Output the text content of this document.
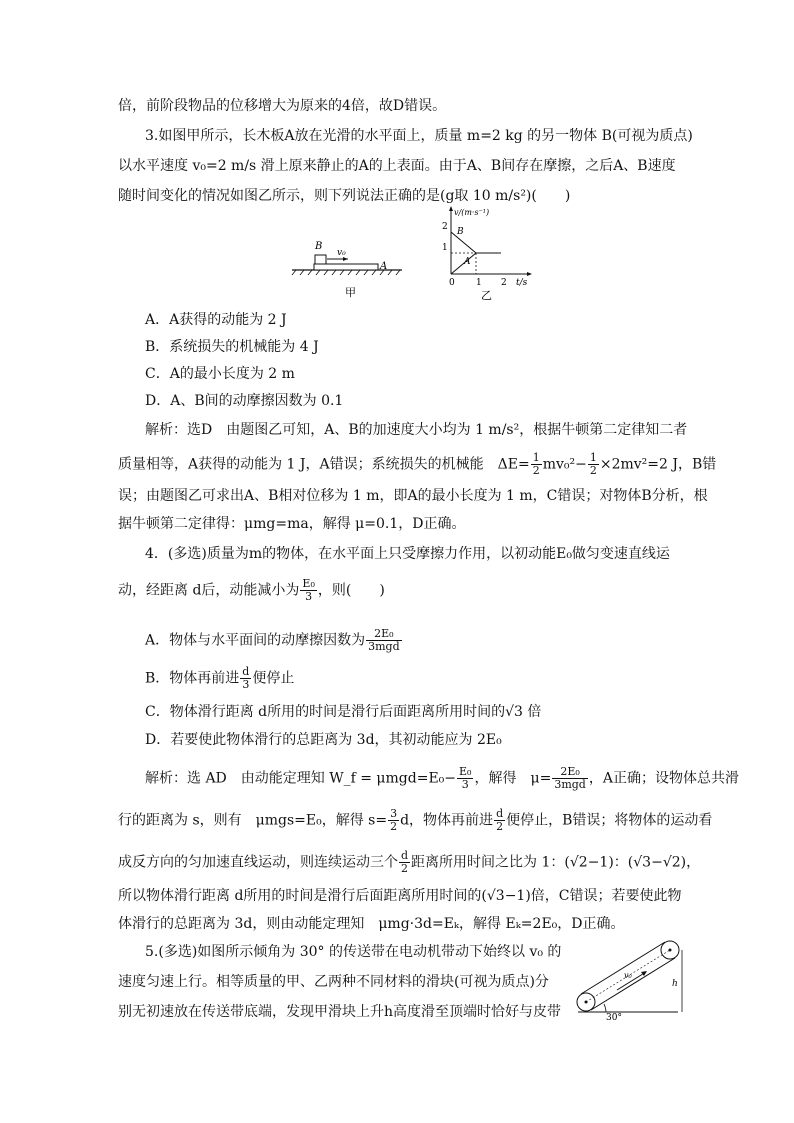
倍，前阶段物品的位移增大为原来的4倍，故D错误。
3.如图甲所示，长木板A放在光滑的水平面上，质量 m=2 kg 的另一物体 B(可视为质点)
以水平速度 v₀=2 m/s 滑上原来静止的A的上表面。由于A、B间存在摩擦，之后A、B速度
随时间变化的情况如图乙所示，则下列说法正确的是(g取 10 m/s²)(　　)
B
v₀
A
甲
v/(m·s⁻¹)
2
1
0 1 2 t/s
B
A
乙
A．A获得的动能为 2 J
B．系统损失的机械能为 4 J
C．A的最小长度为 2 m
D．A、B间的动摩擦因数为 0.1
解析：选D　由题图乙可知，A、B的加速度大小均为 1 m/s²，根据牛顿第二定律知二者
质量相等，A获得的动能为 1 J，A错误；系统损失的机械能　$\Delta E= \frac{1}{2} mv_0^2- \frac{1}{2} \times 2mv^2=2$ J，B错
误；由题图乙可求出A、B相对位移为 1 m，即A的最小长度为 1 m，C错误；对物体B分析，根
据牛顿第二定律得：μmg=ma，解得 μ=0.1，D正确。
4．(多选)质量为m的物体，在水平面上只受摩擦力作用，以初动能E₀做匀变速直线运
动，经距离 d后，动能减小为 $\frac{\text{E₀}}{3}$ ，则(　　)
A．物体与水平面间的动摩擦因数为 $\frac{\text{2E₀}}{\text{3mgd}}$
B．物体再前进 $\frac{d}{3}$ 便停止
C．物体滑行距离 d所用的时间是滑行后面距离所用时间的√3 倍
D．若要使此物体滑行的总距离为 3d，其初动能应为 2E₀
解析：选 AD　由动能定理知 W_f = $\mu mgd=E_0- \frac{\text{E₀}}{3}$ ，解得　$\mu= \frac{\text{2E₀}}{\text{3mgd}}$ ，A正确；设物体总共滑
行的距离为 s，则有　μmgs=E₀，解得 $s= \frac{3}{2}$ d，物体再前进 $\frac{d}{2}$ 便停止，B错误；将物体的运动看
成反方向的匀加速直线运动，则连续运动三个 $\frac{d}{2}$ 距离所用时间之比为 1：(√2−1)：(√3−√2)，
所以物体滑行距离 d所用的时间是滑行后面距离所用时间的(√3−1)倍，C错误；若要使此物
体滑行的总距离为 3d，则由动能定理知　μmg·3d=Eₖ，解得 Eₖ=2E₀，D正确。
5.(多选)如图所示倾角为 30° 的传送带在电动机带动下始终以 v₀ 的
速度匀速上行。相等质量的甲、乙两种不同材料的滑块(可视为质点)分
别无初速放在传送带底端，发现甲滑块上升h高度滑至顶端时恰好与皮带
v₀
h
30°
